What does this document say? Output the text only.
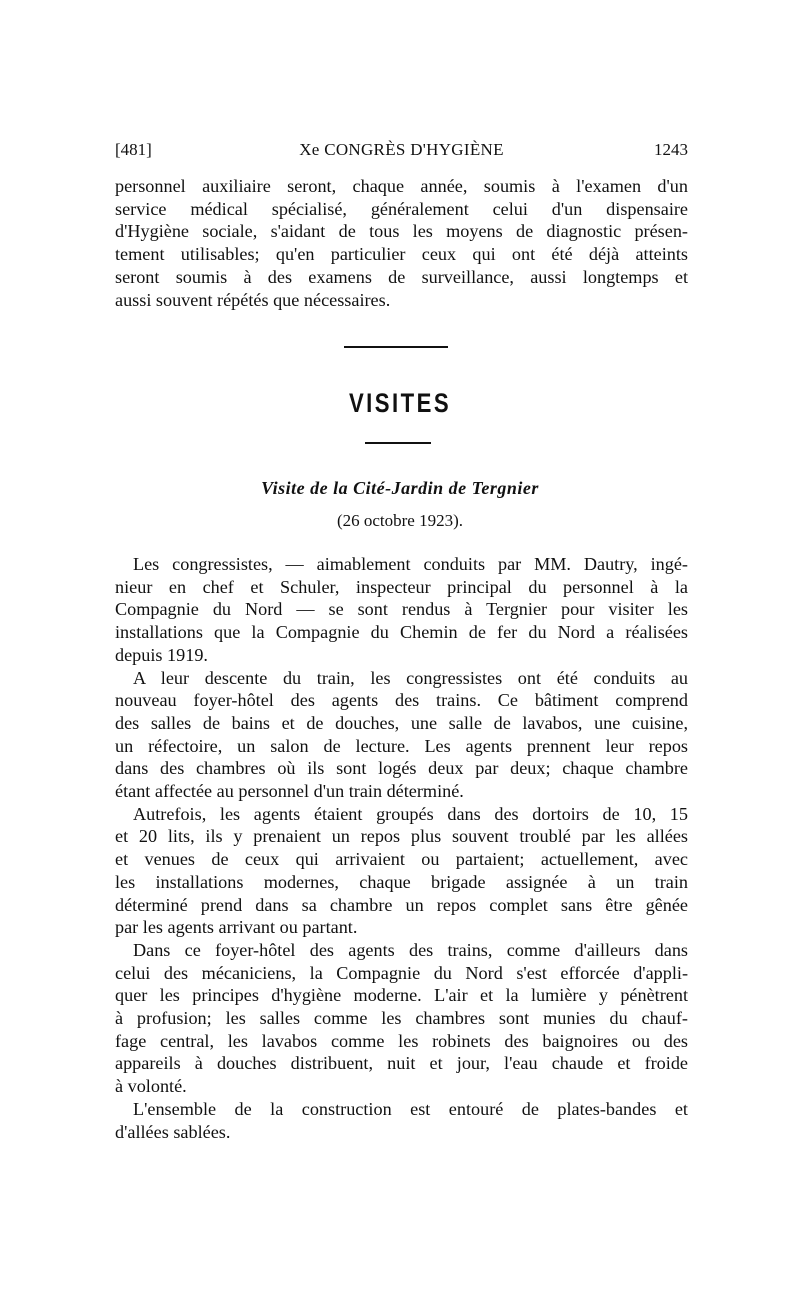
[481]	Xe CONGRÈS D'HYGIÈNE	1243
personnel auxiliaire seront, chaque année, soumis à l'examen d'un
service médical spécialisé, généralement celui d'un dispensaire
d'Hygiène sociale, s'aidant de tous les moyens de diagnostic présen-
tement utilisables; qu'en particulier ceux qui ont été déjà atteints
seront soumis à des examens de surveillance, aussi longtemps et
aussi souvent répétés que nécessaires.
VISITES
Visite de la Cité-Jardin de Tergnier
(26 octobre 1923).
Les congressistes, — aimablement conduits par MM. Dautry, ingé-
nieur en chef et Schuler, inspecteur principal du personnel à la
Compagnie du Nord — se sont rendus à Tergnier pour visiter les
installations que la Compagnie du Chemin de fer du Nord a réalisées
depuis 1919.
A leur descente du train, les congressistes ont été conduits au
nouveau foyer-hôtel des agents des trains. Ce bâtiment comprend
des salles de bains et de douches, une salle de lavabos, une cuisine,
un réfectoire, un salon de lecture. Les agents prennent leur repos
dans des chambres où ils sont logés deux par deux; chaque chambre
étant affectée au personnel d'un train déterminé.
Autrefois, les agents étaient groupés dans des dortoirs de 10, 15
et 20 lits, ils y prenaient un repos plus souvent troublé par les allées
et venues de ceux qui arrivaient ou partaient; actuellement, avec
les installations modernes, chaque brigade assignée à un train
déterminé prend dans sa chambre un repos complet sans être gênée
par les agents arrivant ou partant.
Dans ce foyer-hôtel des agents des trains, comme d'ailleurs dans
celui des mécaniciens, la Compagnie du Nord s'est efforcée d'appli-
quer les principes d'hygiène moderne. L'air et la lumière y pénètrent
à profusion; les salles comme les chambres sont munies du chauf-
fage central, les lavabos comme les robinets des baignoires ou des
appareils à douches distribuent, nuit et jour, l'eau chaude et froide
à volonté.
L'ensemble de la construction est entouré de plates-bandes et
d'allées sablées.
